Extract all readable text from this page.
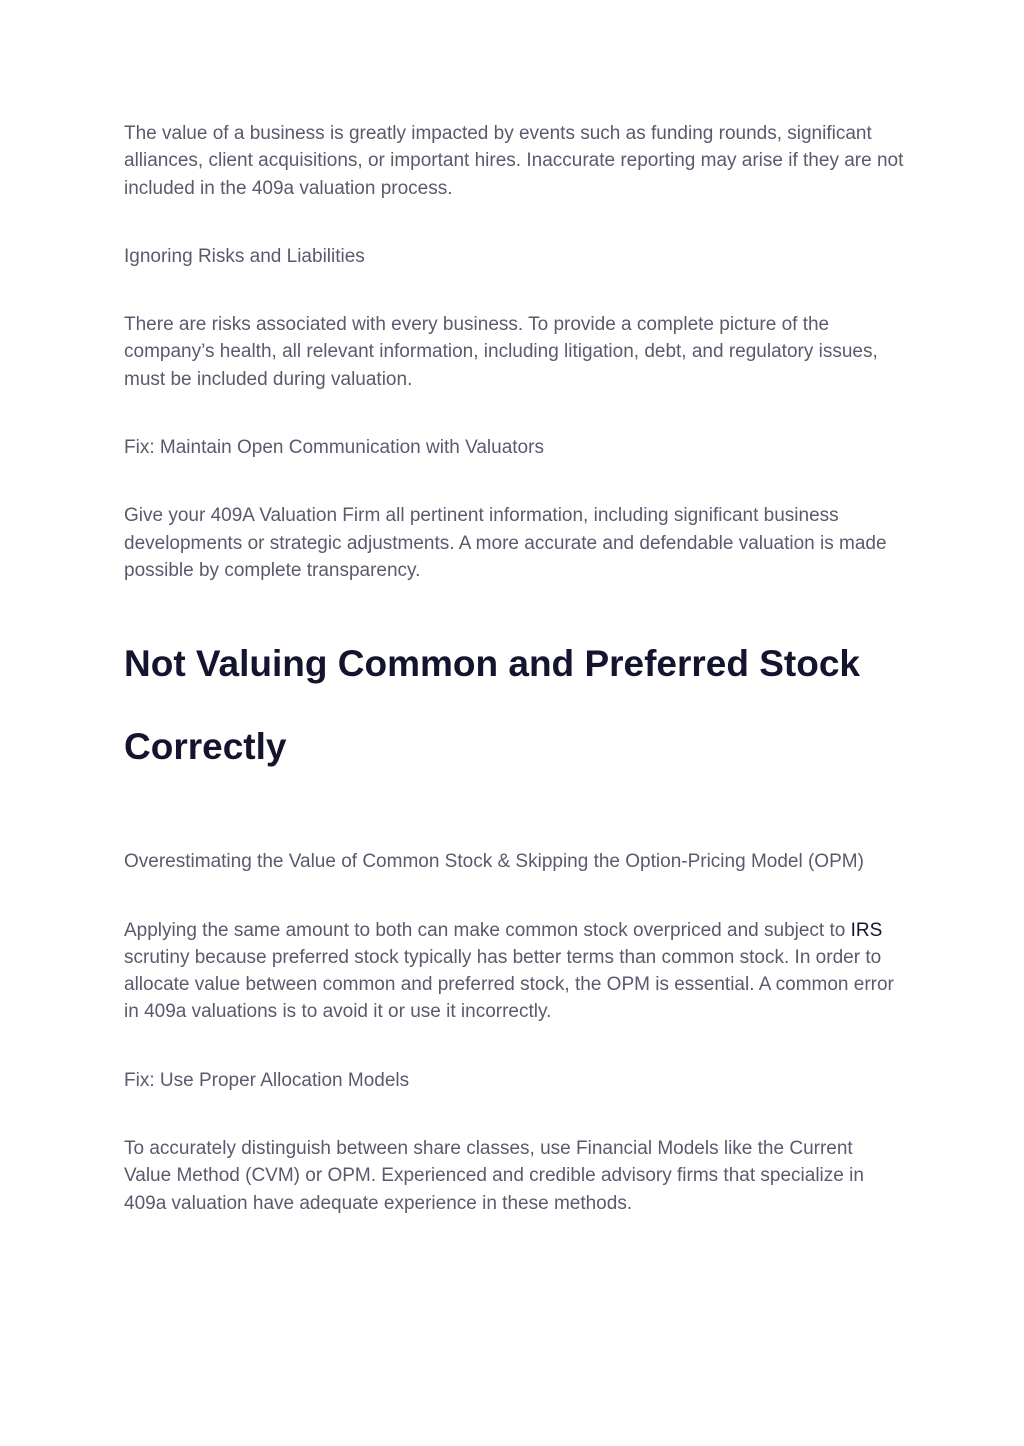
The value of a business is greatly impacted by events such as funding rounds, significant alliances, client acquisitions, or important hires. Inaccurate reporting may arise if they are not included in the 409a valuation process.

Ignoring Risks and Liabilities

There are risks associated with every business. To provide a complete picture of the company’s health, all relevant information, including litigation, debt, and regulatory issues, must be included during valuation.

Fix: Maintain Open Communication with Valuators

Give your 409A Valuation Firm all pertinent information, including significant business developments or strategic adjustments. A more accurate and defendable valuation is made possible by complete transparency.

Not Valuing Common and Preferred Stock Correctly

Overestimating the Value of Common Stock & Skipping the Option-Pricing Model (OPM)

Applying the same amount to both can make common stock overpriced and subject to IRS scrutiny because preferred stock typically has better terms than common stock. In order to allocate value between common and preferred stock, the OPM is essential. A common error in 409a valuations is to avoid it or use it incorrectly.

Fix: Use Proper Allocation Models

To accurately distinguish between share classes, use Financial Models like the Current Value Method (CVM) or OPM. Experienced and credible advisory firms that specialize in 409a valuation have adequate experience in these methods.
